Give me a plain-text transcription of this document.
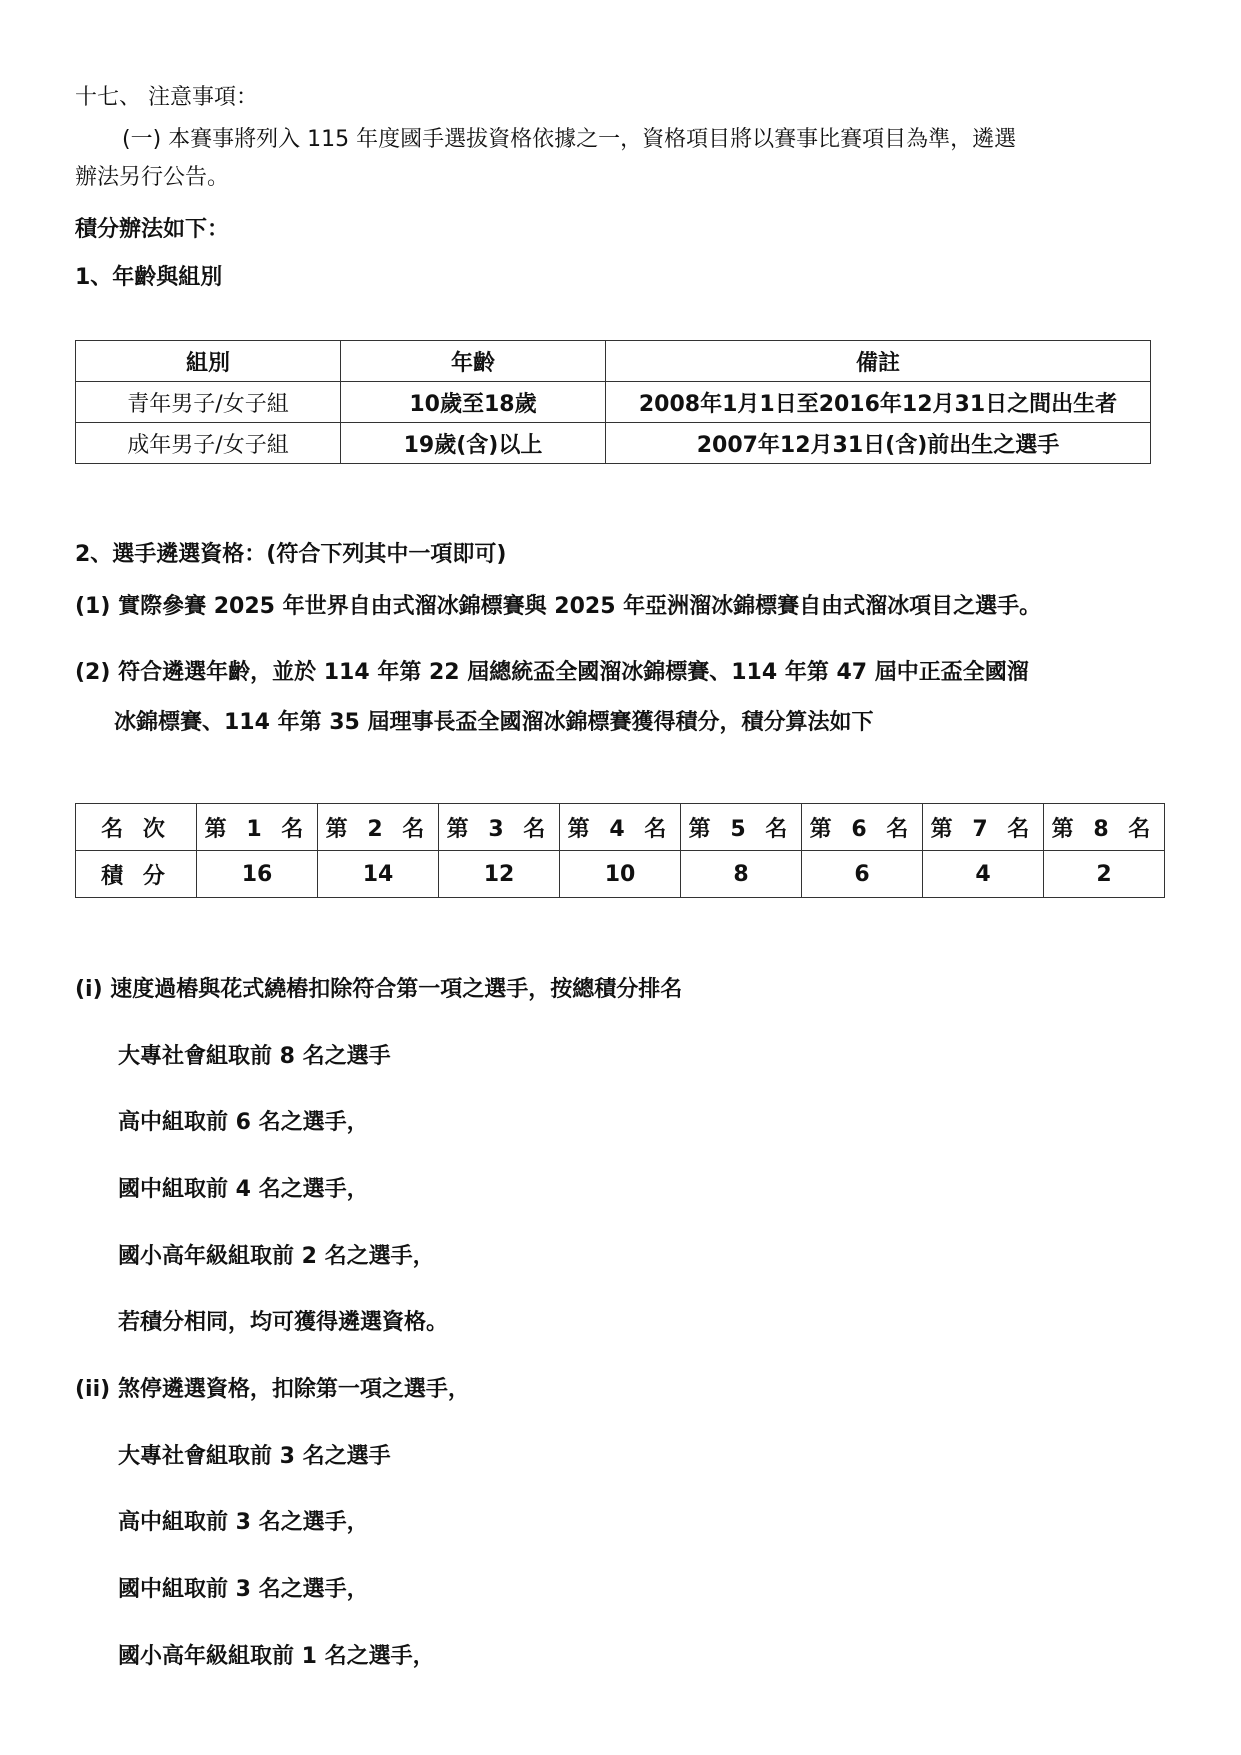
十七、 注意事項：
(一) 本賽事將列入 115 年度國手選拔資格依據之一，資格項目將以賽事比賽項目為準，遴選
辦法另行公告。
積分辦法如下：
1、年齡與組別
組別	年齡	備註
青年男子/女子組	10歲至18歲	2008年1月1日至2016年12月31日之間出生者
成年男子/女子組	19歲(含)以上	2007年12月31日(含)前出生之選手
2、選手遴選資格：(符合下列其中一項即可)
(1) 實際參賽 2025 年世界自由式溜冰錦標賽與 2025 年亞洲溜冰錦標賽自由式溜冰項目之選手。
(2) 符合遴選年齡，並於 114 年第 22 屆總統盃全國溜冰錦標賽、114 年第 47 屆中正盃全國溜
冰錦標賽、114 年第 35 屆理事長盃全國溜冰錦標賽獲得積分，積分算法如下
名 次	第 1 名	第 2 名	第 3 名	第 4 名	第 5 名	第 6 名	第 7 名	第 8 名
積 分	16	14	12	10	8	6	4	2
(i) 速度過樁與花式繞樁扣除符合第一項之選手，按總積分排名
大專社會組取前 8 名之選手
高中組取前 6 名之選手，
國中組取前 4 名之選手，
國小高年級組取前 2 名之選手，
若積分相同，均可獲得遴選資格。
(ii) 煞停遴選資格，扣除第一項之選手，
大專社會組取前 3 名之選手
高中組取前 3 名之選手，
國中組取前 3 名之選手，
國小高年級組取前 1 名之選手，
